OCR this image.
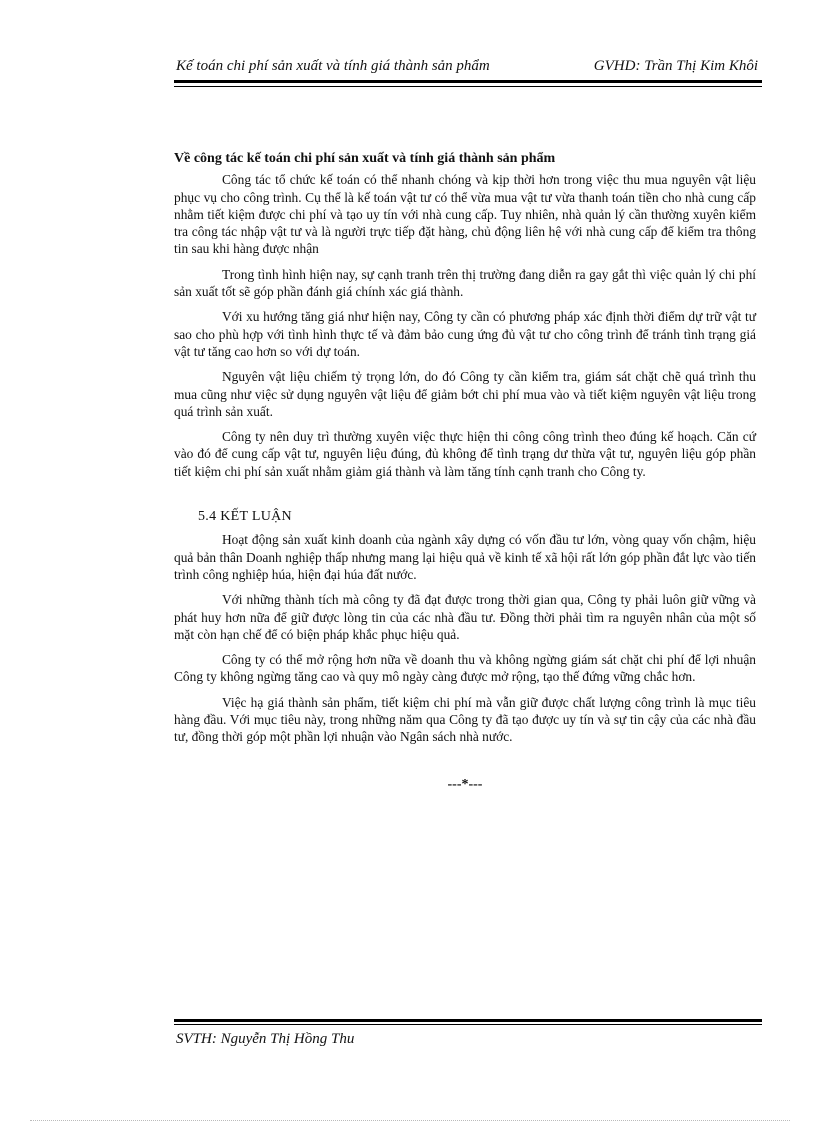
Kế toán chi phí sản xuất và tính giá thành sản phẩm	GVHD: Trần Thị Kim Khôi
Về công tác kế toán chi phí sản xuất và tính giá thành sản phẩm

Công tác tổ chức kế toán có thể nhanh chóng và kịp thời hơn trong việc thu mua nguyên vật liệu phục vụ cho công trình. Cụ thể là kế toán vật tư có thể vừa mua vật tư vừa thanh toán tiền cho nhà cung cấp nhằm tiết kiệm được chi phí và tạo uy tín với nhà cung cấp. Tuy nhiên, nhà quản lý cần thường xuyên kiểm tra công tác nhập vật tư và là người trực tiếp đặt hàng, chủ động liên hệ với nhà cung cấp để kiểm tra thông tin sau khi hàng được nhận

Trong tình hình hiện nay, sự cạnh tranh trên thị trường đang diễn ra gay gắt thì việc quản lý chi phí sản xuất tốt sẽ góp phần đánh giá chính xác giá thành.

Với xu hướng tăng giá như hiện nay, Công ty cần có phương pháp xác định thời điểm dự trữ vật tư sao cho phù hợp với tình hình thực tế và đảm bảo cung ứng đủ vật tư cho công trình để tránh tình trạng giá vật tư tăng cao hơn so với dự toán.

Nguyên vật liệu chiếm tỷ trọng lớn, do đó Công ty cần kiểm tra, giám sát chặt chẽ quá trình thu mua cũng như việc sử dụng nguyên vật liệu để giảm bớt chi phí mua vào và tiết kiệm nguyên vật liệu trong quá trình sản xuất.

Công ty nên duy trì thường xuyên việc thực hiện thi công công trình theo đúng kế hoạch. Căn cứ vào đó để cung cấp vật tư, nguyên liệu đúng, đủ không để tình trạng dư thừa vật tư, nguyên liệu góp phần tiết kiệm chi phí sản xuất nhằm giảm giá thành và làm tăng tính cạnh tranh cho Công ty.

5.4 KẾT LUẬN

Hoạt động sản xuất kinh doanh của ngành xây dựng có vốn đầu tư lớn, vòng quay vốn chậm, hiệu quả bản thân Doanh nghiệp thấp nhưng mang lại hiệu quả về kinh tế xã hội rất lớn góp phần đắt lực vào tiến trình công nghiệp húa, hiện đại húa đất nước.

Với những thành tích mà công ty đã đạt được trong thời gian qua, Công ty phải luôn giữ vững và phát huy hơn nữa để giữ được lòng tin của các nhà đầu tư. Đồng thời phải tìm ra nguyên nhân của một số mặt còn hạn chế để có biện pháp khắc phục hiệu quả.

Công ty có thể mở rộng hơn nữa về doanh thu và không ngừng giám sát chặt chi phí để lợi nhuận Công ty không ngừng tăng cao và quy mô ngày càng được mở rộng, tạo thế đứng vững chắc hơn.

Việc hạ giá thành sản phẩm, tiết kiệm chi phí mà vẫn giữ được chất lượng công trình là mục tiêu hàng đầu. Với mục tiêu này, trong những năm qua Công ty đã tạo được uy tín và sự tin cậy của các nhà đầu tư, đồng thời góp một phần lợi nhuận vào Ngân sách nhà nước.

---*---
SVTH: Nguyễn Thị Hồng Thu
